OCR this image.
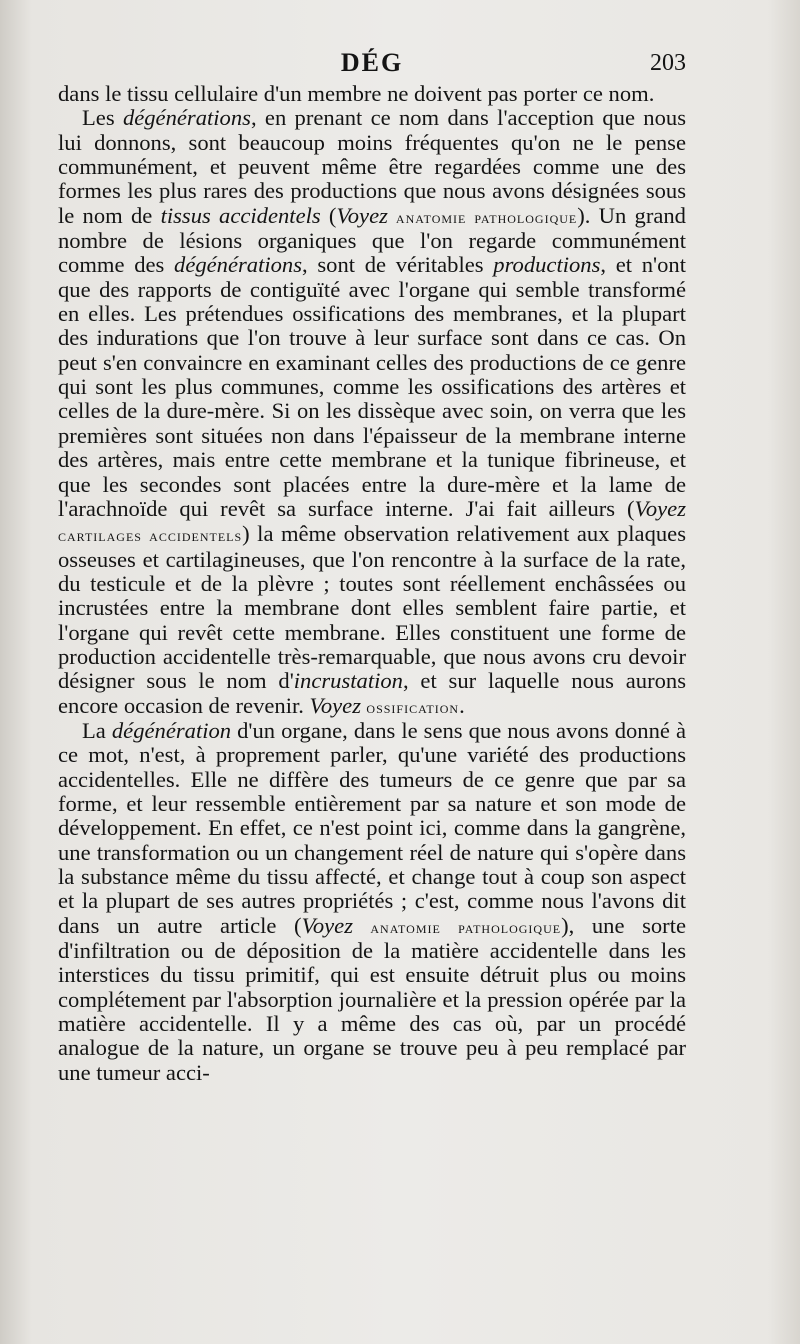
DÉG	203

dans le tissu cellulaire d'un membre ne doivent pas porter ce nom.

Les dégénérations, en prenant ce nom dans l'acception que nous lui donnons, sont beaucoup moins fréquentes qu'on ne le pense communément, et peuvent même être regardées comme une des formes les plus rares des productions que nous avons désignées sous le nom de tissus accidentels (Voyez anatomie pathologique). Un grand nombre de lésions organiques que l'on regarde communément comme des dégénérations, sont de véritables productions, et n'ont que des rapports de contiguïté avec l'organe qui semble transformé en elles. Les prétendues ossifications des membranes, et la plupart des indurations que l'on trouve à leur surface sont dans ce cas. On peut s'en convaincre en examinant celles des productions de ce genre qui sont les plus communes, comme les ossifications des artères et celles de la dure-mère. Si on les dissèque avec soin, on verra que les premières sont situées non dans l'épaisseur de la membrane interne des artères, mais entre cette membrane et la tunique fibrineuse, et que les secondes sont placées entre la dure-mère et la lame de l'arachnoïde qui revêt sa surface interne. J'ai fait ailleurs (Voyez cartilages accidentels) la même observation relativement aux plaques osseuses et cartilagineuses, que l'on rencontre à la surface de la rate, du testicule et de la plèvre ; toutes sont réellement enchâssées ou incrustées entre la membrane dont elles semblent faire partie, et l'organe qui revêt cette membrane. Elles constituent une forme de production accidentelle très-remarquable, que nous avons cru devoir désigner sous le nom d'incrustation, et sur laquelle nous aurons encore occasion de revenir. Voyez ossification.

La dégénération d'un organe, dans le sens que nous avons donné à ce mot, n'est, à proprement parler, qu'une variété des productions accidentelles. Elle ne diffère des tumeurs de ce genre que par sa forme, et leur ressemble entièrement par sa nature et son mode de développement. En effet, ce n'est point ici, comme dans la gangrène, une transformation ou un changement réel de nature qui s'opère dans la substance même du tissu affecté, et change tout à coup son aspect et la plupart de ses autres propriétés ; c'est, comme nous l'avons dit dans un autre article (Voyez anatomie pathologique), une sorte d'infiltration ou de déposition de la matière accidentelle dans les interstices du tissu primitif, qui est ensuite détruit plus ou moins complétement par l'absorption journalière et la pression opérée par la matière accidentelle. Il y a même des cas où, par un procédé analogue de la nature, un organe se trouve peu à peu remplacé par une tumeur acci-
